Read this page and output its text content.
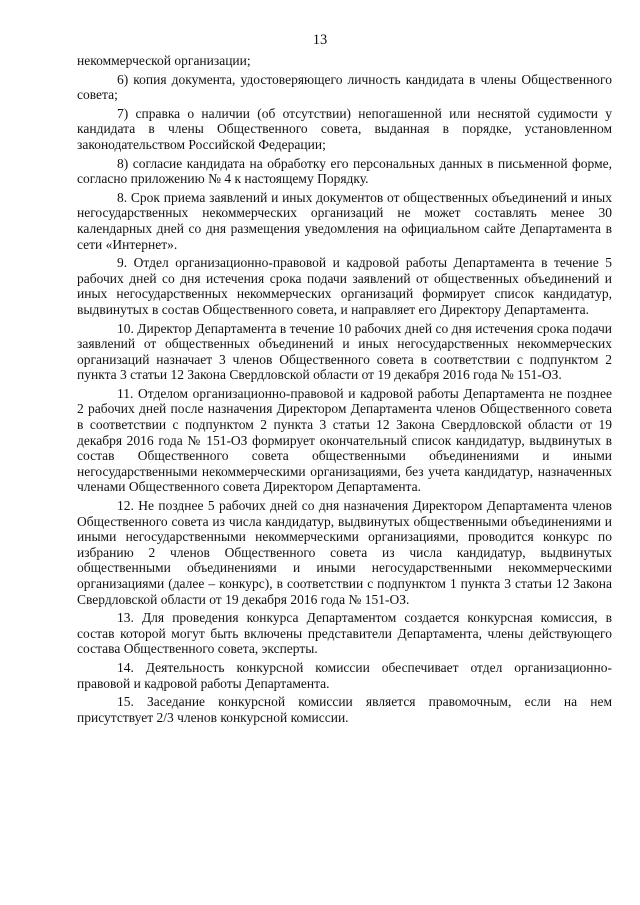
13

некоммерческой организации;

6) копия документа, удостоверяющего личность кандидата в члены Общественного совета;

7) справка о наличии (об отсутствии) непогашенной или неснятой судимости у кандидата в члены Общественного совета, выданная в порядке, установленном законодательством Российской Федерации;

8) согласие кандидата на обработку его персональных данных в письменной форме, согласно приложению № 4 к настоящему Порядку.

8. Срок приема заявлений и иных документов от общественных объединений и иных негосударственных некоммерческих организаций не может составлять менее 30 календарных дней со дня размещения уведомления на официальном сайте Департамента в сети «Интернет».

9. Отдел организационно-правовой и кадровой работы Департамента в течение 5 рабочих дней со дня истечения срока подачи заявлений от общественных объединений и иных негосударственных некоммерческих организаций формирует список кандидатур, выдвинутых в состав Общественного совета, и направляет его Директору Департамента.

10. Директор Департамента в течение 10 рабочих дней со дня истечения срока подачи заявлений от общественных объединений и иных негосударственных некоммерческих организаций назначает 3 членов Общественного совета в соответствии с подпунктом 2 пункта 3 статьи 12 Закона Свердловской области от 19 декабря 2016 года № 151-ОЗ.

11. Отделом организационно-правовой и кадровой работы Департамента не позднее 2 рабочих дней после назначения Директором Департамента членов Общественного совета в соответствии с подпунктом 2 пункта 3 статьи 12 Закона Свердловской области от 19 декабря 2016 года № 151-ОЗ формирует окончательный список кандидатур, выдвинутых в состав Общественного совета общественными объединениями и иными негосударственными некоммерческими организациями, без учета кандидатур, назначенных членами Общественного совета Директором Департамента.

12. Не позднее 5 рабочих дней со дня назначения Директором Департамента членов Общественного совета из числа кандидатур, выдвинутых общественными объединениями и иными негосударственными некоммерческими организациями, проводится конкурс по избранию 2 членов Общественного совета из числа кандидатур, выдвинутых общественными объединениями и иными негосударственными некоммерческими организациями (далее – конкурс), в соответствии с подпунктом 1 пункта 3 статьи 12 Закона Свердловской области от 19 декабря 2016 года № 151-ОЗ.

13. Для проведения конкурса Департаментом создается конкурсная комиссия, в состав которой могут быть включены представители Департамента, члены действующего состава Общественного совета, эксперты.

14. Деятельность конкурсной комиссии обеспечивает отдел организационно-правовой и кадровой работы Департамента.

15. Заседание конкурсной комиссии является правомочным, если на нем присутствует 2/3 членов конкурсной комиссии.
